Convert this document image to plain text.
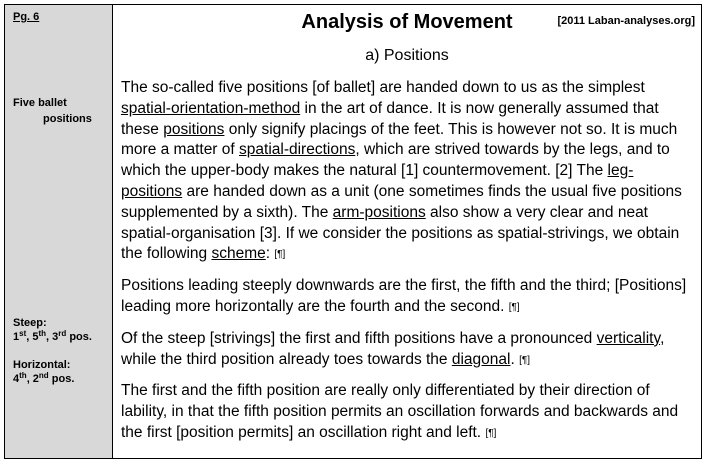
Pg. 6
Five ballet
positions
Steep:
1st, 5th, 3rd pos.
Horizontal:
4th, 2nd pos.
Analysis of Movement	[2011 Laban-analyses.org]
a) Positions

The so-called five positions [of ballet] are handed down to us as the simplest spatial-orientation-method in the art of dance. It is now generally assumed that these positions only signify placings of the feet. This is however not so. It is much more a matter of spatial-directions, which are strived towards by the legs, and to which the upper-body makes the natural [1] countermovement. [2] The leg-positions are handed down as a unit (one sometimes finds the usual five positions supplemented by a sixth). The arm-positions also show a very clear and neat spatial-organisation [3]. If we consider the positions as spatial-strivings, we obtain the following scheme: [¶]

Positions leading steeply downwards are the first, the fifth and the third; [Positions] leading more horizontally are the fourth and the second. [¶]

Of the steep [strivings] the first and fifth positions have a pronounced verticality, while the third position already toes towards the diagonal. [¶]

The first and the fifth position are really only differentiated by their direction of lability, in that the fifth position permits an oscillation forwards and backwards and the first [position permits] an oscillation right and left. [¶]
